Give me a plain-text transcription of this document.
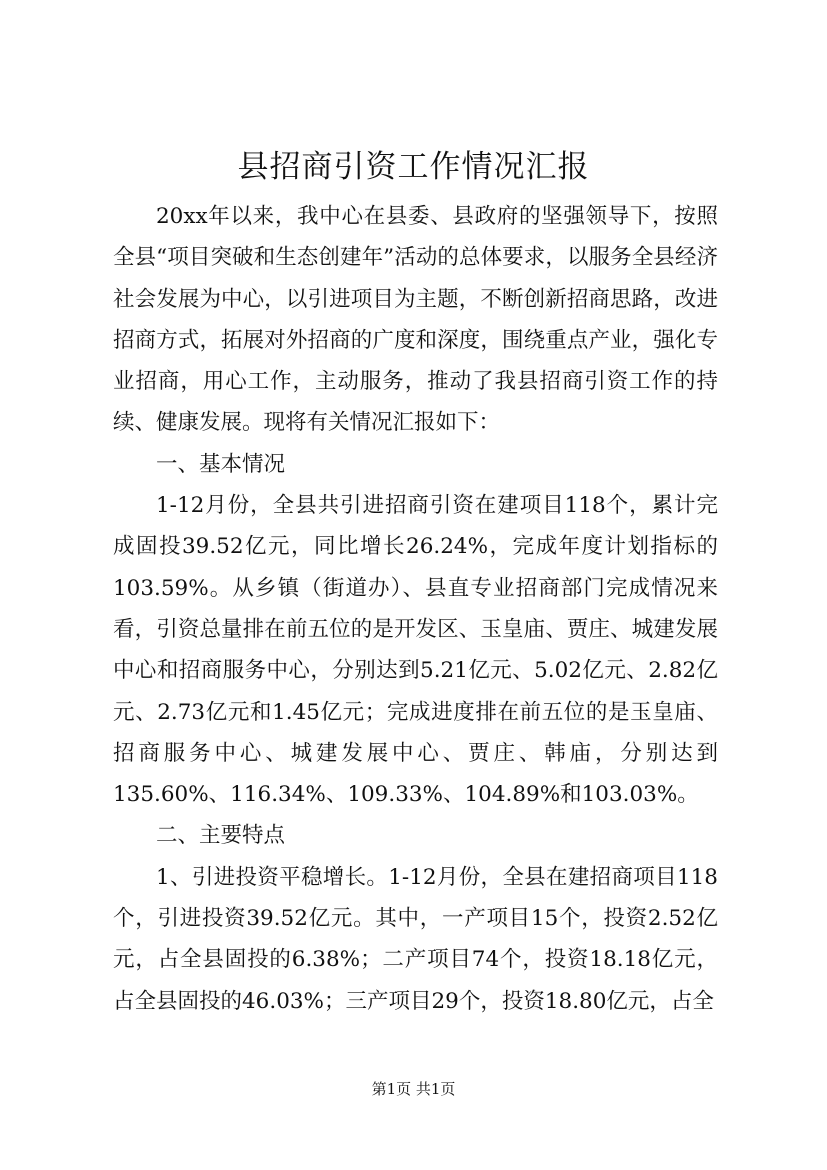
县招商引资工作情况汇报

20xx年以来，我中心在县委、县政府的坚强领导下，按照全县“项目突破和生态创建年”活动的总体要求，以服务全县经济社会发展为中心，以引进项目为主题，不断创新招商思路，改进招商方式，拓展对外招商的广度和深度，围绕重点产业，强化专业招商，用心工作，主动服务，推动了我县招商引资工作的持续、健康发展。现将有关情况汇报如下：

一、基本情况

1-12月份，全县共引进招商引资在建项目118个，累计完成固投39.52亿元，同比增长26.24%，完成年度计划指标的103.59%。从乡镇（街道办）、县直专业招商部门完成情况来看，引资总量排在前五位的是开发区、玉皇庙、贾庄、城建发展中心和招商服务中心，分别达到5.21亿元、5.02亿元、2.82亿元、2.73亿元和1.45亿元；完成进度排在前五位的是玉皇庙、招商服务中心、城建发展中心、贾庄、韩庙，分别达到135.60%、116.34%、109.33%、104.89%和103.03%。

二、主要特点

1、引进投资平稳增长。1-12月份，全县在建招商项目118个，引进投资39.52亿元。其中，一产项目15个，投资2.52亿元，占全县固投的6.38%；二产项目74个，投资18.18亿元，占全县固投的46.03%；三产项目29个，投资18.80亿元，占全

第1页 共1页
